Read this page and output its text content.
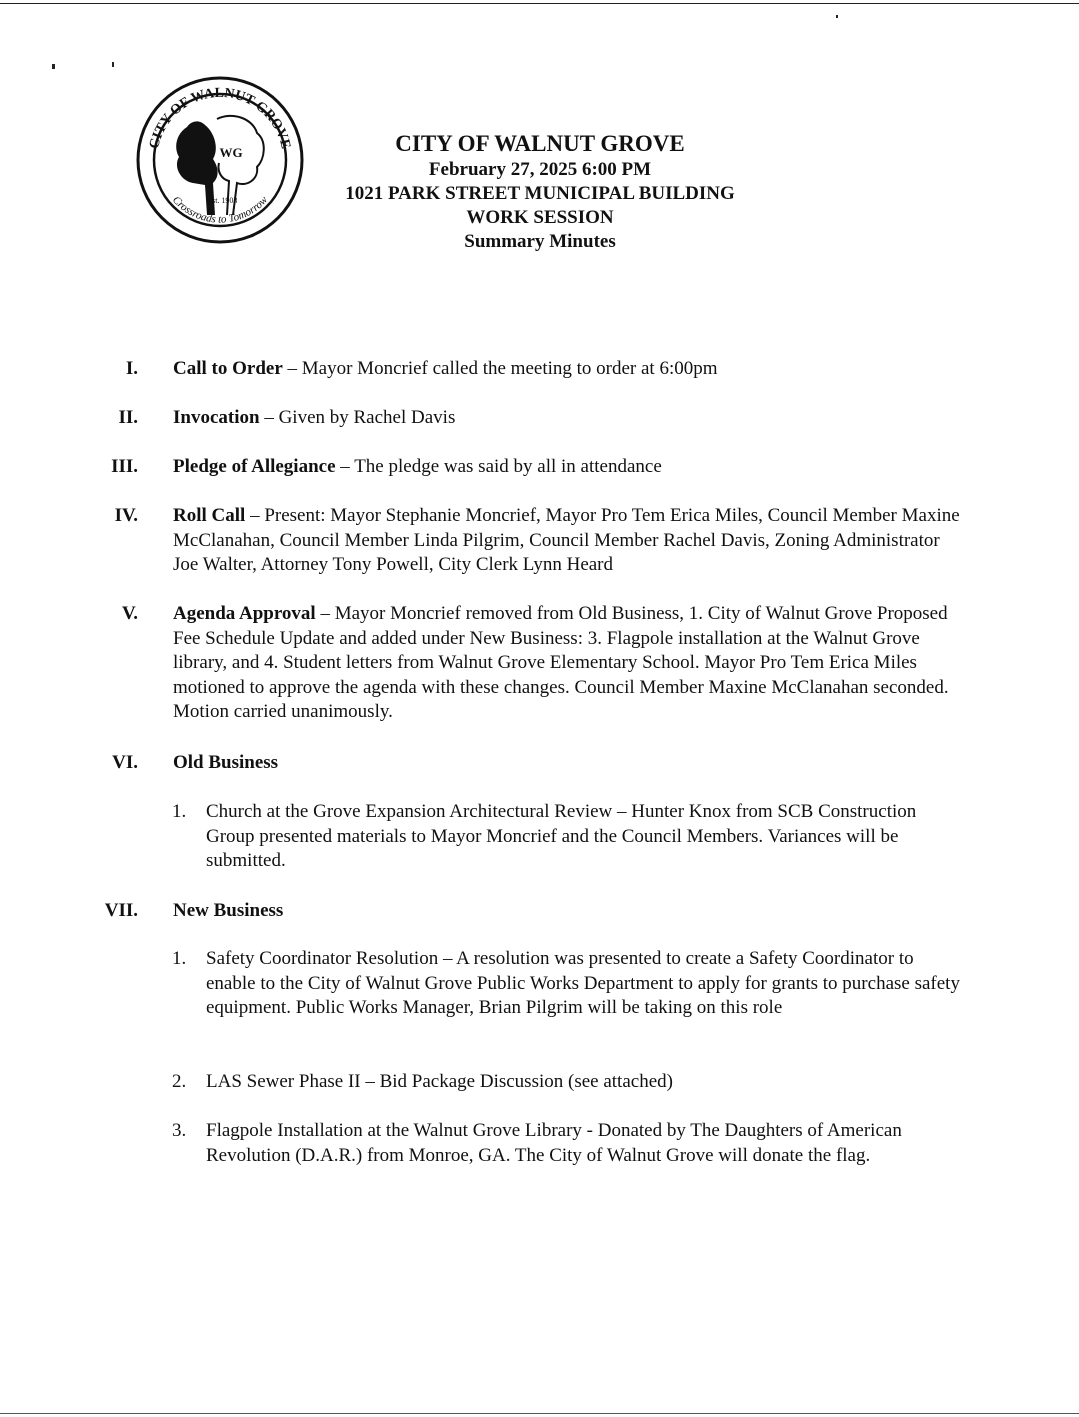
CITY OF WALNUT GROVE
WG
est. 1903
Crossroads to Tomorrow
CITY OF WALNUT GROVE
February 27, 2025 6:00 PM
1021 PARK STREET MUNICIPAL BUILDING
WORK SESSION
Summary Minutes
I. Call to Order – Mayor Moncrief called the meeting to order at 6:00pm
II. Invocation – Given by Rachel Davis
III. Pledge of Allegiance – The pledge was said by all in attendance
IV. Roll Call – Present: Mayor Stephanie Moncrief, Mayor Pro Tem Erica Miles, Council Member Maxine McClanahan, Council Member Linda Pilgrim, Council Member Rachel Davis, Zoning Administrator Joe Walter, Attorney Tony Powell, City Clerk Lynn Heard
V. Agenda Approval – Mayor Moncrief removed from Old Business, 1. City of Walnut Grove Proposed Fee Schedule Update and added under New Business: 3. Flagpole installation at the Walnut Grove library, and 4. Student letters from Walnut Grove Elementary School. Mayor Pro Tem Erica Miles motioned to approve the agenda with these changes. Council Member Maxine McClanahan seconded. Motion carried unanimously.
VI. Old Business
1.	Church at the Grove Expansion Architectural Review – Hunter Knox from SCB Construction Group presented materials to Mayor Moncrief and the Council Members. Variances will be submitted.
VII. New Business
1.	Safety Coordinator Resolution – A resolution was presented to create a Safety Coordinator to enable to the City of Walnut Grove Public Works Department to apply for grants to purchase safety equipment. Public Works Manager, Brian Pilgrim will be taking on this role
2.	LAS Sewer Phase II – Bid Package Discussion (see attached)
3.	Flagpole Installation at the Walnut Grove Library - Donated by The Daughters of American Revolution (D.A.R.) from Monroe, GA. The City of Walnut Grove will donate the flag.
